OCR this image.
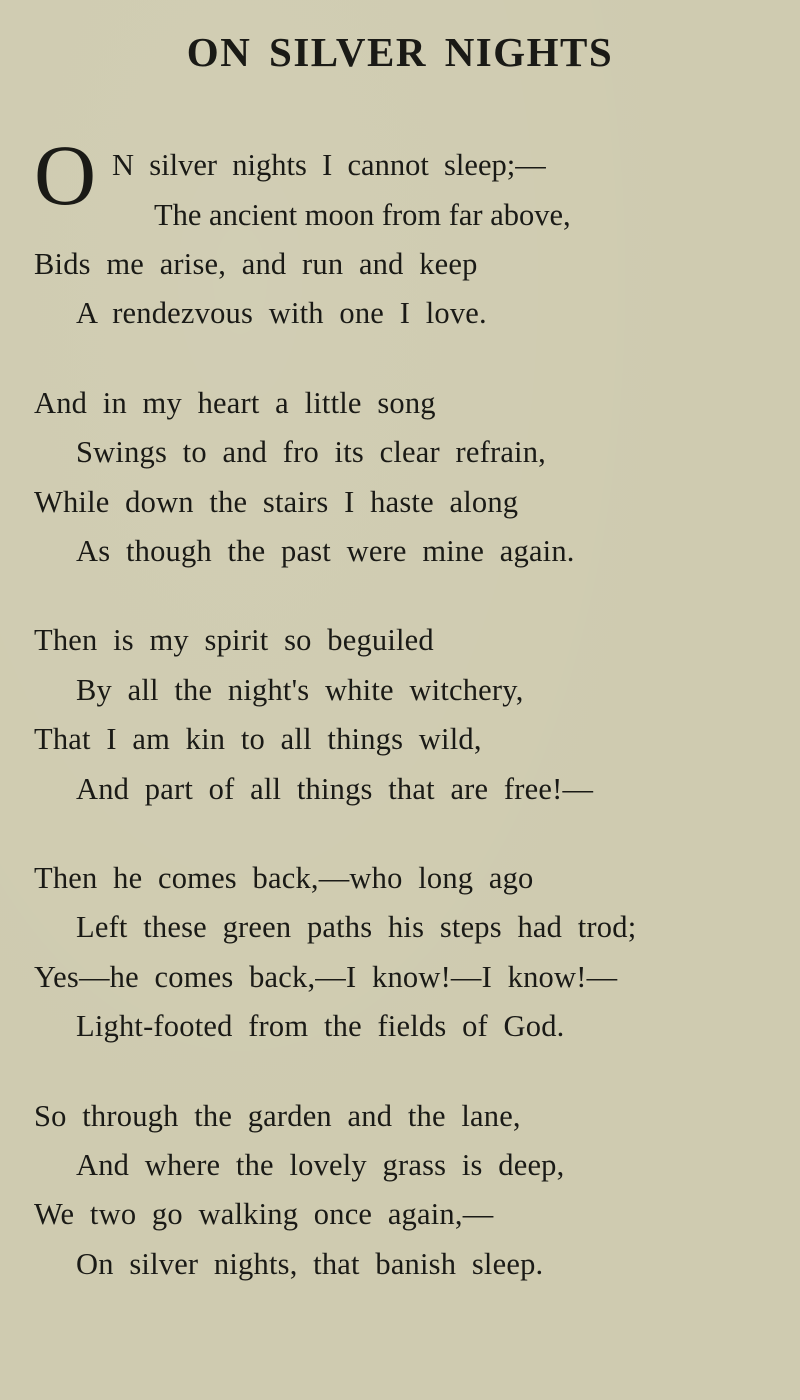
ON SILVER NIGHTS
O N  silver  nights  I  cannot  sleep;—
The ancient moon from far above,
Bids  me  arise,  and  run  and  keep
A  rendezvous  with  one  I  love.
And  in  my  heart  a  little  song
Swings  to  and  fro  its  clear  refrain,
While  down  the  stairs  I  haste  along
As  though  the  past  were  mine  again.
Then  is  my  spirit  so  beguiled
By  all  the  night's  white  witchery,
That  I  am  kin  to  all  things  wild,
And  part  of  all  things  that  are  free!—
Then  he  comes  back,—who  long  ago
Left  these  green  paths  his  steps  had  trod;
Yes—he  comes  back,—I  know!—I  know!—
Light-footed  from  the  fields  of  God.
So  through  the  garden  and  the  lane,
And  where  the  lovely  grass  is  deep,
We  two  go  walking  once  again,—
On  silver  nights,  that  banish  sleep.
